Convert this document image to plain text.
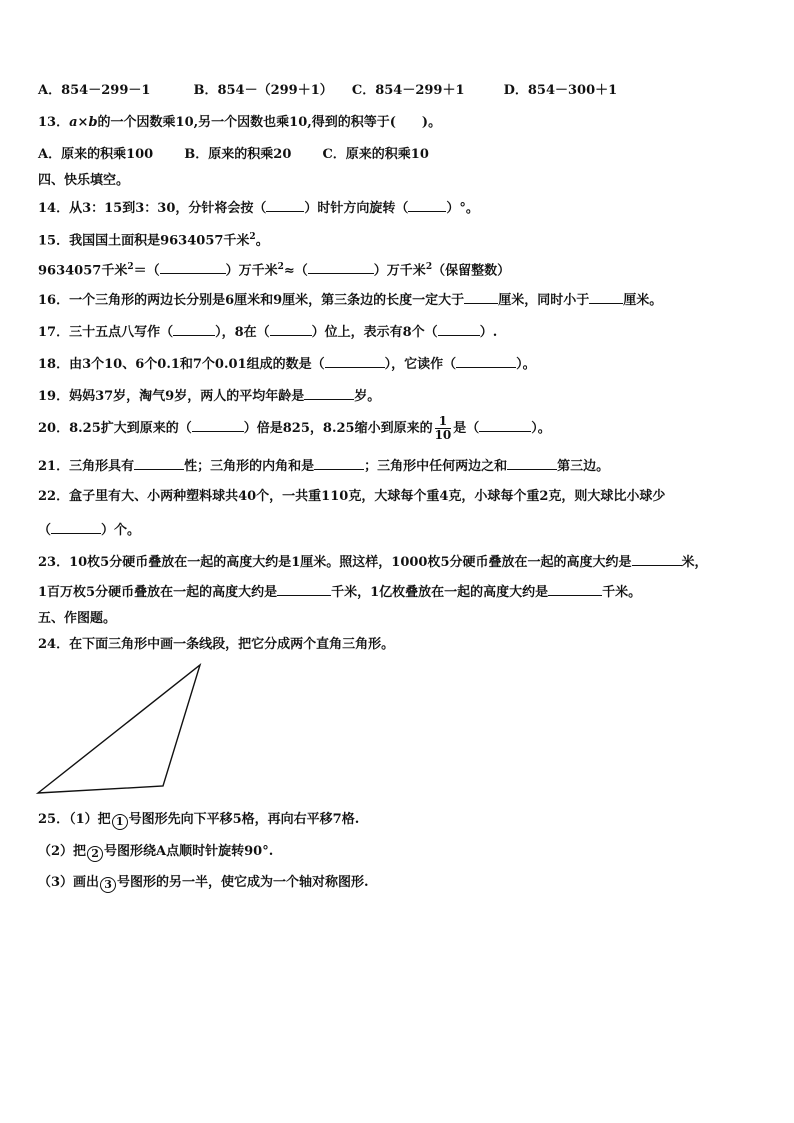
A．854－299－1	B．854－（299＋1） C．854－299＋1	D．854－300＋1
13．a×b的一个因数乘10,另一个因数也乘10,得到的积等于(　　)。
A．原来的积乘100 B．原来的积乘20 C．原来的积乘10
四、快乐填空。
14．从3：15到3：30，分针将会按（	）时针方向旋转（	）°。
15．我国国土面积是9634057千米$^2$。
9634057千米$^2$＝（	）万千米$^2$≈（	）万千米$^2$（保留整数）
16．一个三角形的两边长分别是6厘米和9厘米，第三条边的长度一定大于	厘米，同时小于	厘米。
17．三十五点八写作（	），8在（	）位上，表示有8个（	）.
18．由3个10、6个0.1和7个0.01组成的数是（	），它读作（	）。
19．妈妈37岁，淘气9岁，两人的平均年龄是	岁。
20．8.25扩大到原来的（	）倍是825，8.25缩小到原来的 $\frac{1}{10}$ 是（	）。
21．三角形具有	性；三角形的内角和是	；三角形中任何两边之和	第三边。
22．盒子里有大、小两种塑料球共40个，一共重110克，大球每个重4克，小球每个重2克，则大球比小球少
（	）个。
23．10枚5分硬币叠放在一起的高度大约是1厘米。照这样，1000枚5分硬币叠放在一起的高度大约是	米，
1百万枚5分硬币叠放在一起的高度大约是	千米，1亿枚叠放在一起的高度大约是	千米。
五、作图题。
24．在下面三角形中画一条线段，把它分成两个直角三角形。
25．（1）把 1 号图形先向下平移5格，再向右平移7格.
（2）把 2 号图形绕A点顺时针旋转90°.
（3）画出 3 号图形的另一半，使它成为一个轴对称图形.
